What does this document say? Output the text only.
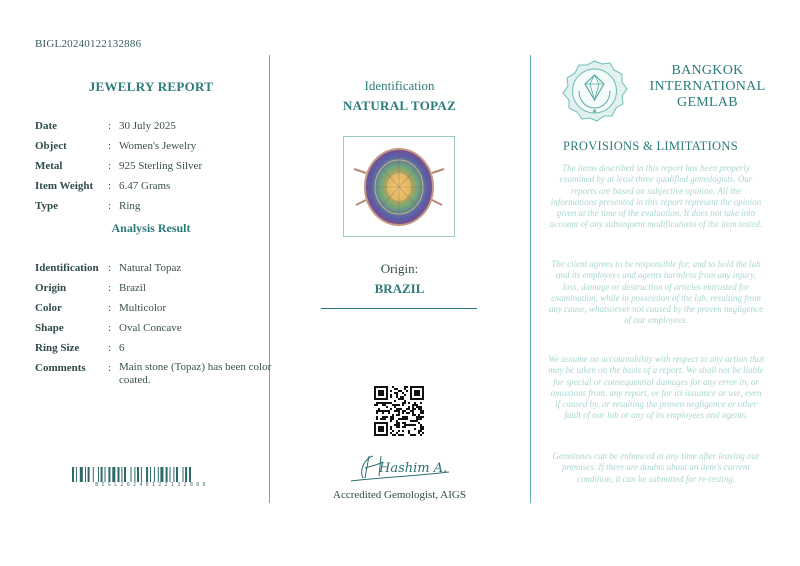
BIGL20240122132886
JEWELRY REPORT
Date	: 30 July 2025
Object	: Women's Jewelry
Metal	: 925 Sterling Silver
Item Weight : 6.47 Grams
Type	: Ring
Analysis Result
Identification : Natural Topaz
Origin	: Brazil
Color	: Multicolor
Shape	: Oval Concave
Ring Size	: 6
Comments : Main stone (Topaz) has been color coated.
BIGL20240122132886
Identification
NATURAL TOPAZ
Origin:
BRAZIL
Hashim A.
Accredited Gemologist, AIGS
BANGKOK
INTERNATIONAL
GEMLAB
PROVISIONS & LIMITATIONS
The items described in this report has been properly examined by at least three qualified gemologists. Our reports are based on subjective opinion. All the informations presented in this report represent the opinion given at the time of the evaluation. It does not take into account of any subsequent modifications of the item tested.
The client agrees to be responsible for, and to hold the lab and its employees and agents harmless from any injury, loss, damage or destruction of articles entrusted for examination, while in possession of the lab, resulting from any cause, whatsoever not caused by the proven negligence of our employees.
We assume no accountability with respect to any action that may be taken on the basis of a report. We shall not be liable for special or consequential damages for any error in, or omissions from, any report, or for its issuance or use, even if caused by, or resulting the proven negligence or other fault of our lab or any of its employees and agents.
Gemstones can be enhanced at any time after leaving our premises. If there are doubts about an item's current condition, it can be submitted for re-testing.
